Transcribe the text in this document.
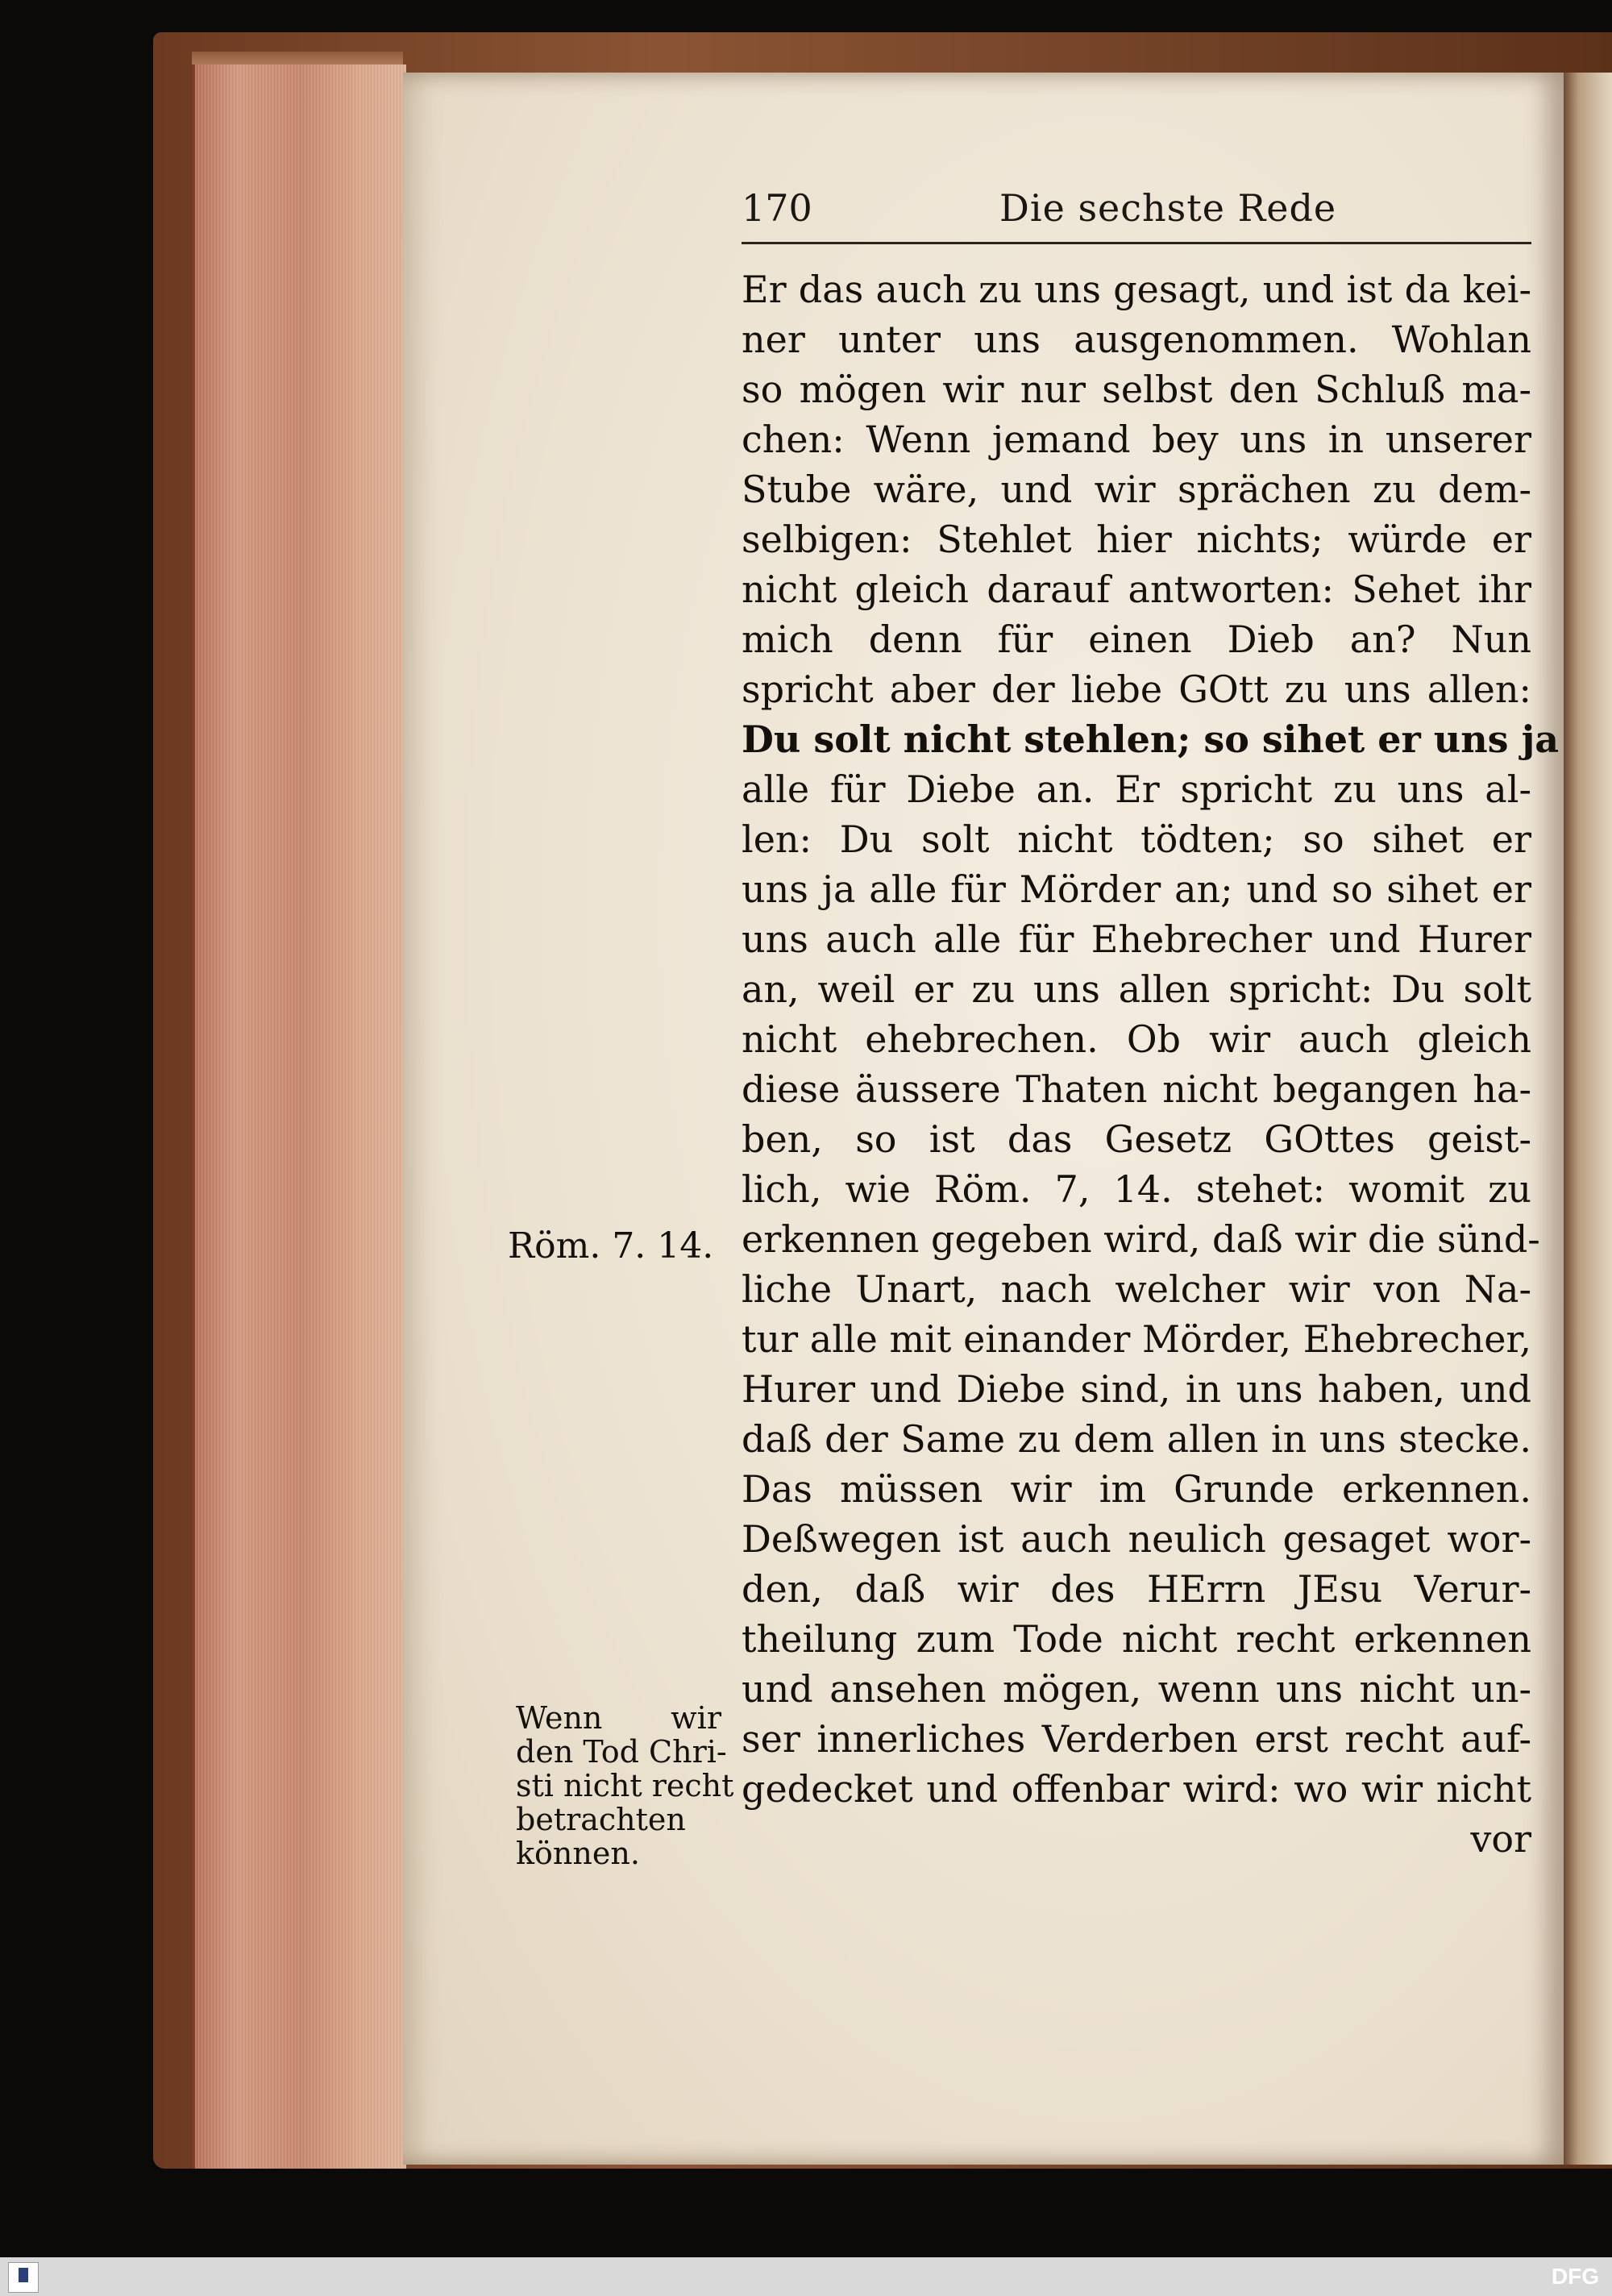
170	Die sechste Rede
Er das auch zu uns gesagt, und ist da kei-
ner unter uns ausgenommen. Wohlan
so mögen wir nur selbst den Schluß ma-
chen: Wenn jemand bey uns in unserer
Stube wäre, und wir sprächen zu dem-
selbigen: Stehlet hier nichts; würde er
nicht gleich darauf antworten: Sehet ihr
mich denn für einen Dieb an? Nun
spricht aber der liebe GOtt zu uns allen:
Du solt nicht stehlen; so sihet er uns ja
alle für Diebe an. Er spricht zu uns al-
len: Du solt nicht tödten; so sihet er
uns ja alle für Mörder an; und so sihet er
uns auch alle für Ehebrecher und Hurer
an, weil er zu uns allen spricht: Du solt
nicht ehebrechen. Ob wir auch gleich
diese äussere Thaten nicht begangen ha-
ben, so ist das Gesetz GOttes geist-
lich, wie Röm. 7, 14. stehet: womit zu
erkennen gegeben wird, daß wir die sünd-
liche Unart, nach welcher wir von Na-
tur alle mit einander Mörder, Ehebrecher,
Hurer und Diebe sind, in uns haben, und
daß der Same zu dem allen in uns stecke.
Das müssen wir im Grunde erkennen.
Deßwegen ist auch neulich gesaget wor-
den, daß wir des HErrn JEsu Verur-
theilung zum Tode nicht recht erkennen
und ansehen mögen, wenn uns nicht un-
ser innerliches Verderben erst recht auf-
gedecket und offenbar wird: wo wir nicht
vor
Röm. 7. 14.
Wenn wir
den Tod Chri-
sti nicht recht
betrachten
können.
DFG
